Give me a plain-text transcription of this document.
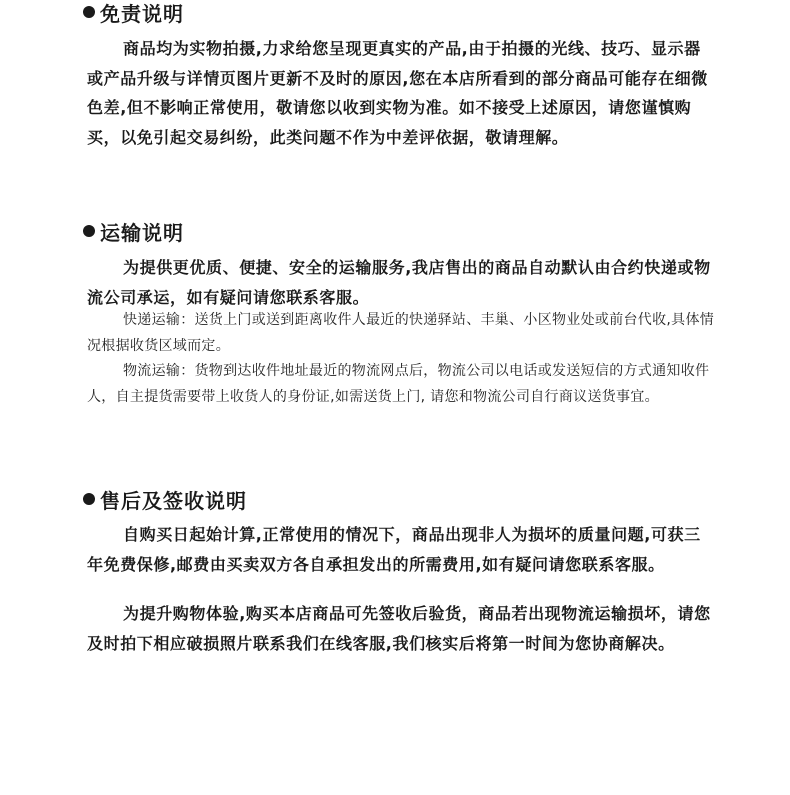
免责说明

商品均为实物拍摄,力求给您呈现更真实的产品,由于拍摄的光线、技巧、显示器或产品升级与详情页图片更新不及时的原因,您在本店所看到的部分商品可能存在细微色差,但不影响正常使用，敬请您以收到实物为准。如不接受上述原因，请您谨慎购买，以免引起交易纠纷，此类问题不作为中差评依据，敬请理解。

运输说明

为提供更优质、便捷、安全的运输服务,我店售出的商品自动默认由合约快递或物流公司承运，如有疑问请您联系客服。

快递运输：送货上门或送到距离收件人最近的快递驿站、丰巢、小区物业处或前台代收,具体情况根据收货区域而定。

物流运输：货物到达收件地址最近的物流网点后，物流公司以电话或发送短信的方式通知收件人，自主提货需要带上收货人的身份证,如需送货上门, 请您和物流公司自行商议送货事宜。

售后及签收说明

自购买日起始计算,正常使用的情况下，商品出现非人为损坏的质量问题,可获三年免费保修,邮费由买卖双方各自承担发出的所需费用,如有疑问请您联系客服。

为提升购物体验,购买本店商品可先签收后验货，商品若出现物流运输损坏，请您及时拍下相应破损照片联系我们在线客服,我们核实后将第一时间为您协商解决。
